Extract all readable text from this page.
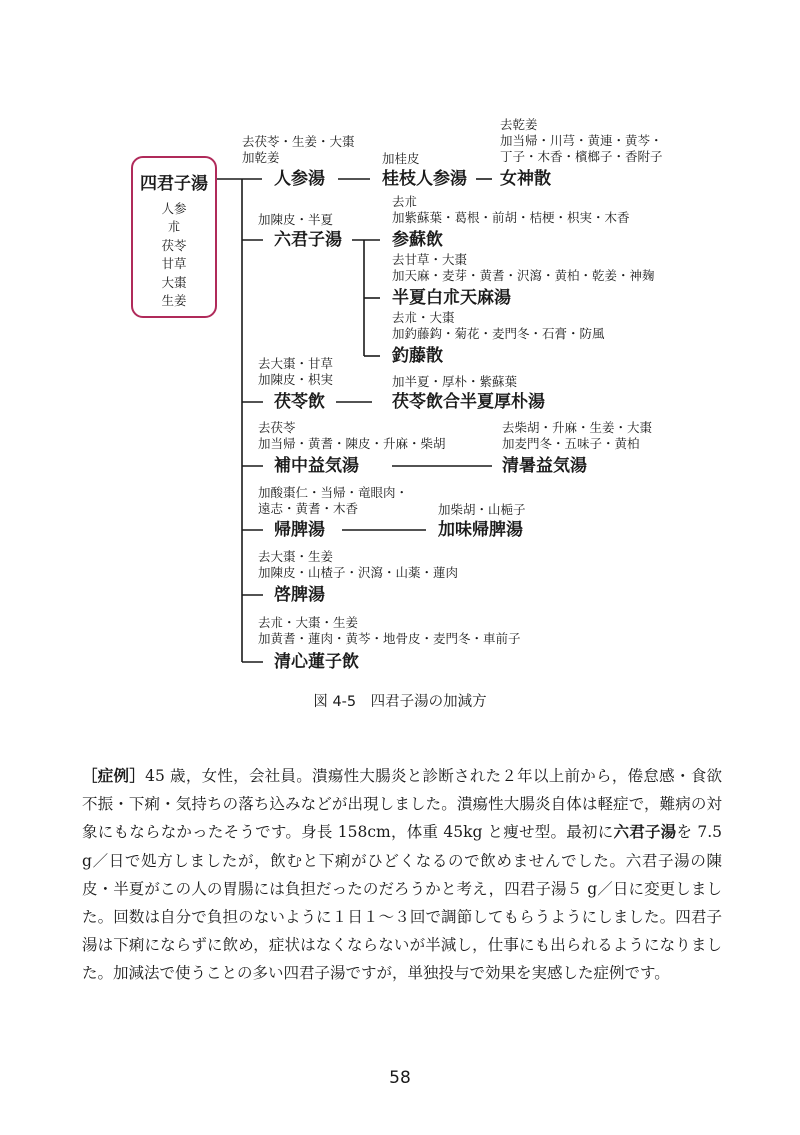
四君子湯
人参
朮
茯苓
甘草
大棗
生姜
去茯苓・生姜・大棗
加乾姜
人参湯
加桂皮
桂枝人参湯
去乾姜
加当帰・川芎・黄連・黄芩・
丁子・木香・檳榔子・香附子
女神散
加陳皮・半夏
六君子湯
去朮
加紫蘇葉・葛根・前胡・桔梗・枳実・木香
参蘇飲
去甘草・大棗
加天麻・麦芽・黄耆・沢瀉・黄柏・乾姜・神麹
半夏白朮天麻湯
去朮・大棗
加釣藤鈎・菊花・麦門冬・石膏・防風
釣藤散
去大棗・甘草
加陳皮・枳実
茯苓飲
加半夏・厚朴・紫蘇葉
茯苓飲合半夏厚朴湯
去茯苓
加当帰・黄耆・陳皮・升麻・柴胡
補中益気湯
去柴胡・升麻・生姜・大棗
加麦門冬・五味子・黄柏
清暑益気湯
加酸棗仁・当帰・竜眼肉・
遠志・黄耆・木香
帰脾湯
加柴胡・山梔子
加味帰脾湯
去大棗・生姜
加陳皮・山楂子・沢瀉・山薬・蓮肉
啓脾湯
去朮・大棗・生姜
加黄耆・蓮肉・黄芩・地骨皮・麦門冬・車前子
清心蓮子飲
図 4-5　四君子湯の加減方
［症例］45 歳，女性，会社員。潰瘍性大腸炎と診断された２年以上前から，倦怠感・食欲不振・下痢・気持ちの落ち込みなどが出現しました。潰瘍性大腸炎自体は軽症で，難病の対象にもならなかったそうです。身長 158cm，体重 45kg と痩せ型。最初に六君子湯を 7.5 g／日で処方しましたが，飲むと下痢がひどくなるので飲めませんでした。六君子湯の陳皮・半夏がこの人の胃腸には負担だったのだろうかと考え，四君子湯５ g／日に変更しました。回数は自分で負担のないように１日１～３回で調節してもらうようにしました。四君子湯は下痢にならずに飲め，症状はなくならないが半減し，仕事にも出られるようになりました。加減法で使うことの多い四君子湯ですが，単独投与で効果を実感した症例です。
58
